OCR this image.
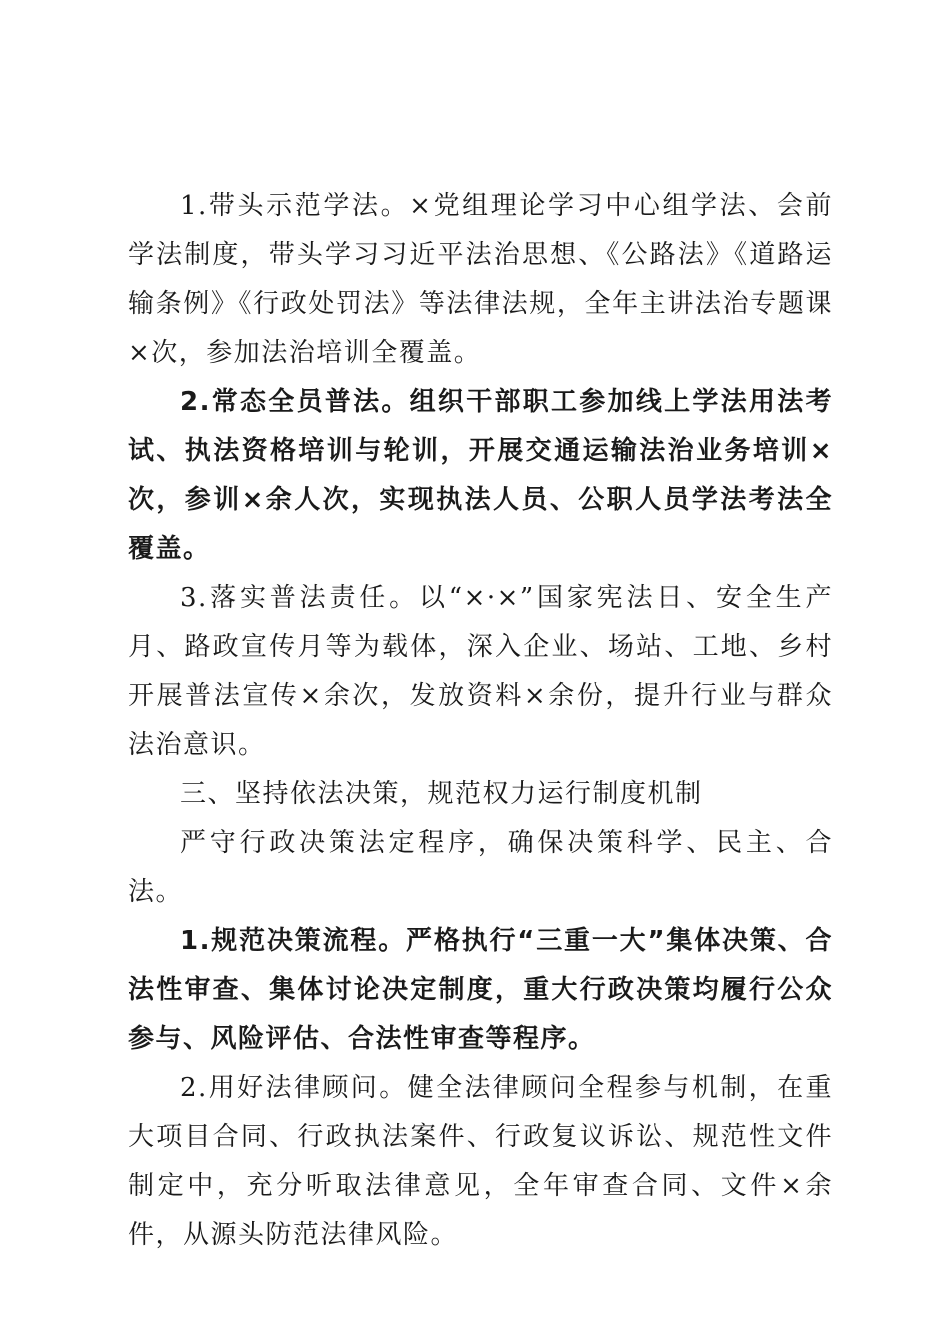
1.带头示范学法。×党组理论学习中心组学法、会前学法制度，带头学习习近平法治思想、《公路法》《道路运输条例》《行政处罚法》等法律法规，全年主讲法治专题课×次，参加法治培训全覆盖。

2.常态全员普法。组织干部职工参加线上学法用法考试、执法资格培训与轮训，开展交通运输法治业务培训×次，参训×余人次，实现执法人员、公职人员学法考法全覆盖。

3.落实普法责任。以“×·×”国家宪法日、安全生产月、路政宣传月等为载体，深入企业、场站、工地、乡村开展普法宣传×余次，发放资料×余份，提升行业与群众法治意识。

三、坚持依法决策，规范权力运行制度机制

严守行政决策法定程序，确保决策科学、民主、合法。

1.规范决策流程。严格执行“三重一大”集体决策、合法性审查、集体讨论决定制度，重大行政决策均履行公众参与、风险评估、合法性审查等程序。

2.用好法律顾问。健全法律顾问全程参与机制，在重大项目合同、行政执法案件、行政复议诉讼、规范性文件制定中，充分听取法律意见，全年审查合同、文件×余件，从源头防范法律风险。
